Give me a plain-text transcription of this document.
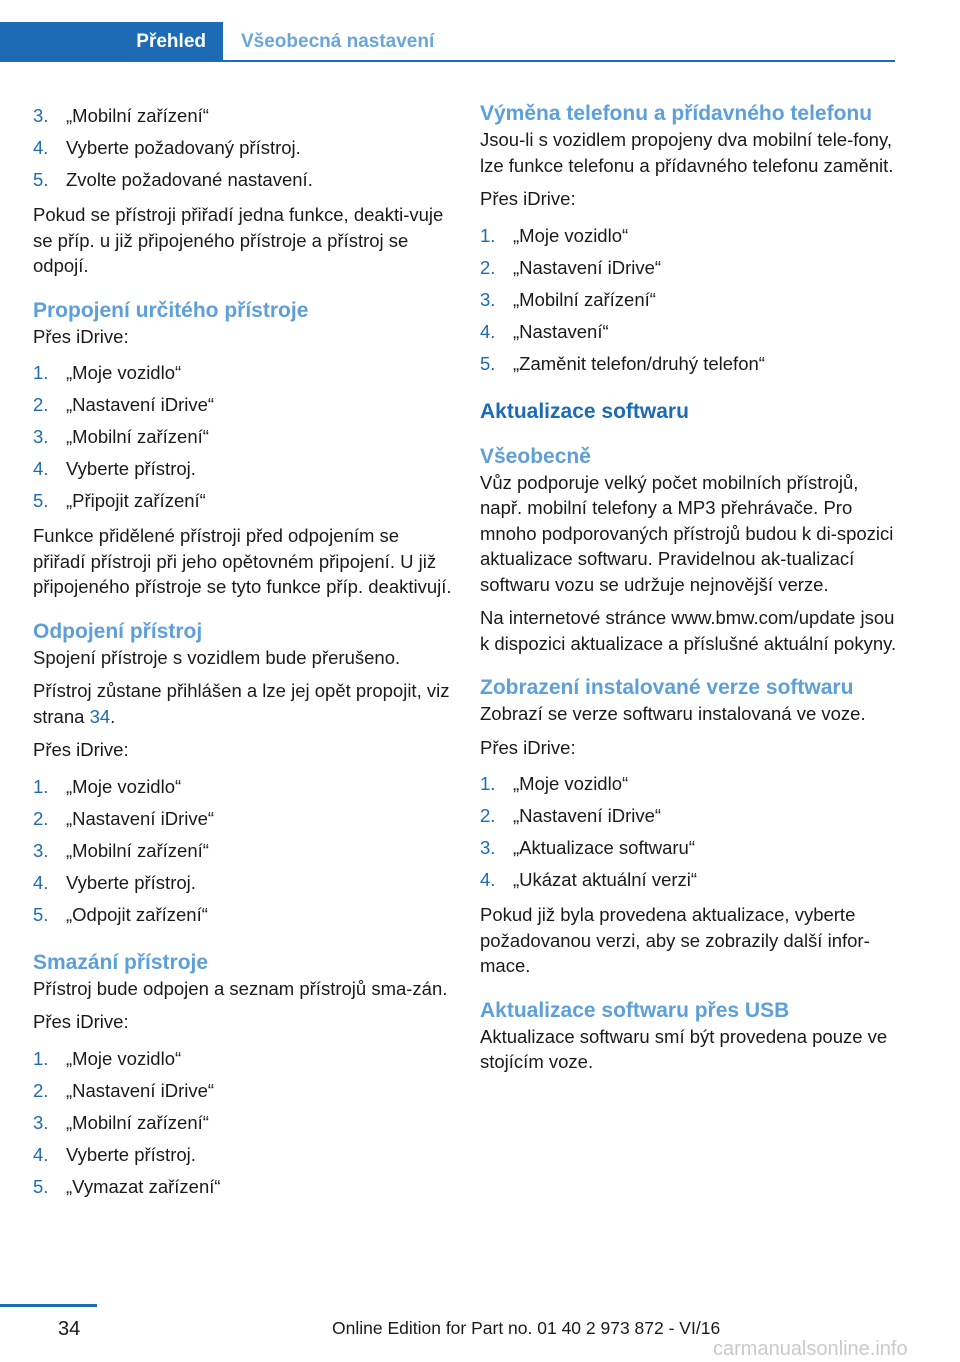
Přehled Všeobecná nastavení
3. „Mobilní zařízení“
4. Vyberte požadovaný přístroj.
5. Zvolte požadované nastavení.

Pokud se přístroji přiřadí jedna funkce, deakti-vuje se příp. u již připojeného přístroje a přístroj se odpojí.

Propojení určitého přístroje

Přes iDrive:

1. „Moje vozidlo“
2. „Nastavení iDrive“
3. „Mobilní zařízení“
4. Vyberte přístroj.
5. „Připojit zařízení“

Funkce přidělené přístroji před odpojením se přiřadí přístroji při jeho opětovném připojení. U již připojeného přístroje se tyto funkce příp. deaktivují.

Odpojení přístroj

Spojení přístroje s vozidlem bude přerušeno.

Přístroj zůstane přihlášen a lze jej opět propojit, viz strana 34.

Přes iDrive:

1. „Moje vozidlo“
2. „Nastavení iDrive“
3. „Mobilní zařízení“
4. Vyberte přístroj.
5. „Odpojit zařízení“
Smazání přístroje

Přístroj bude odpojen a seznam přístrojů sma-zán.

Přes iDrive:

1. „Moje vozidlo“
2. „Nastavení iDrive“
3. „Mobilní zařízení“
4. Vyberte přístroj.
5. „Vymazat zařízení“
Výměna telefonu a přídavného telefonu

Jsou-li s vozidlem propojeny dva mobilní tele-fony, lze funkce telefonu a přídavného telefonu zaměnit.

Přes iDrive:

1. „Moje vozidlo“
2. „Nastavení iDrive“
3. „Mobilní zařízení“
4. „Nastavení“
5. „Zaměnit telefon/druhý telefon“
Aktualizace softwaru
Všeobecně

Vůz podporuje velký počet mobilních přístrojů, např. mobilní telefony a MP3 přehrávače. Pro mnoho podporovaných přístrojů budou k di-spozici aktualizace softwaru. Pravidelnou ak-tualizací softwaru vozu se udržuje nejnovější verze.

Na internetové stránce www.bmw.com/update jsou k dispozici aktualizace a příslušné aktuální pokyny.

Zobrazení instalované verze softwaru

Zobrazí se verze softwaru instalovaná ve voze.

Přes iDrive:

1. „Moje vozidlo“
2. „Nastavení iDrive“
3. „Aktualizace softwaru“
4. „Ukázat aktuální verzi“

Pokud již byla provedena aktualizace, vyberte požadovanou verzi, aby se zobrazily další infor-mace.

Aktualizace softwaru přes USB

Aktualizace softwaru smí být provedena pouze ve stojícím voze.

34	Online Edition for Part no. 01 40 2 973 872 - VI/16
carmanualsonline.info
